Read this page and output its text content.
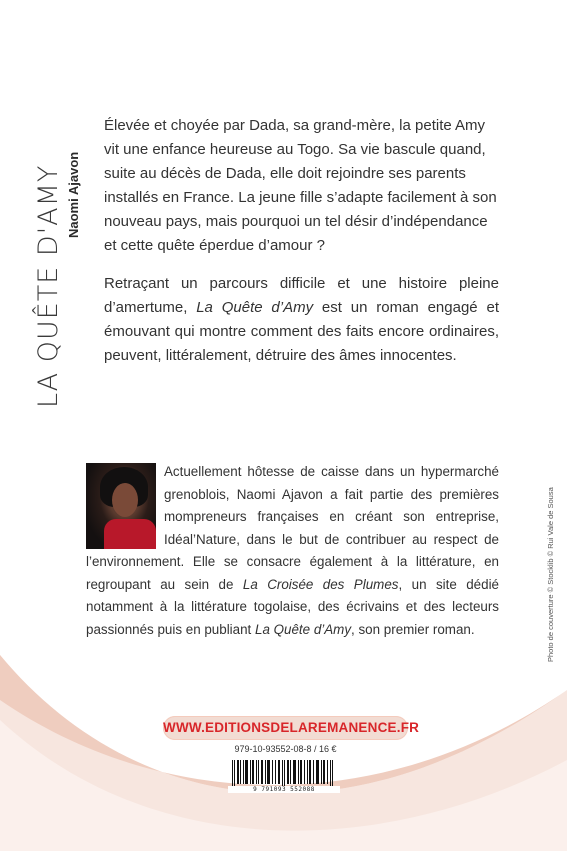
LA QUÊTE D'AMY Naomi Ajavon

Élevée et choyée par Dada, sa grand-mère, la petite Amy vit une enfance heureuse au Togo. Sa vie bascule quand, suite au décès de Dada, elle doit rejoindre ses parents installés en France. La jeune fille s’adapte facilement à son nouveau pays, mais pourquoi un tel désir d’indépendance et cette quête éperdue d’amour ?

Retraçant un parcours difficile et une histoire pleine d’amertume, La Quête d’Amy est un roman engagé et émouvant qui montre comment des faits encore ordinaires, peuvent, littéralement, détruire des âmes innocentes.

Actuellement hôtesse de caisse dans un hypermarché grenoblois, Naomi Ajavon a fait partie des premières mompreneurs françaises en créant son entreprise, Idéal’Nature, dans le but de contribuer au respect de l’environnement. Elle se consacre également à la littérature, en regroupant au sein de La Croisée des Plumes, un site dédié notamment à la littérature togolaise, des écrivains et des lecteurs passionnés puis en publiant La Quête d’Amy, son premier roman.	Photo de couverture © Stocklib © Rui Vale de Sousa
WWW.EDITIONSDELAREMANENCE.FR
979-10-93552-08-8 / 16 €
9 791093 552088
